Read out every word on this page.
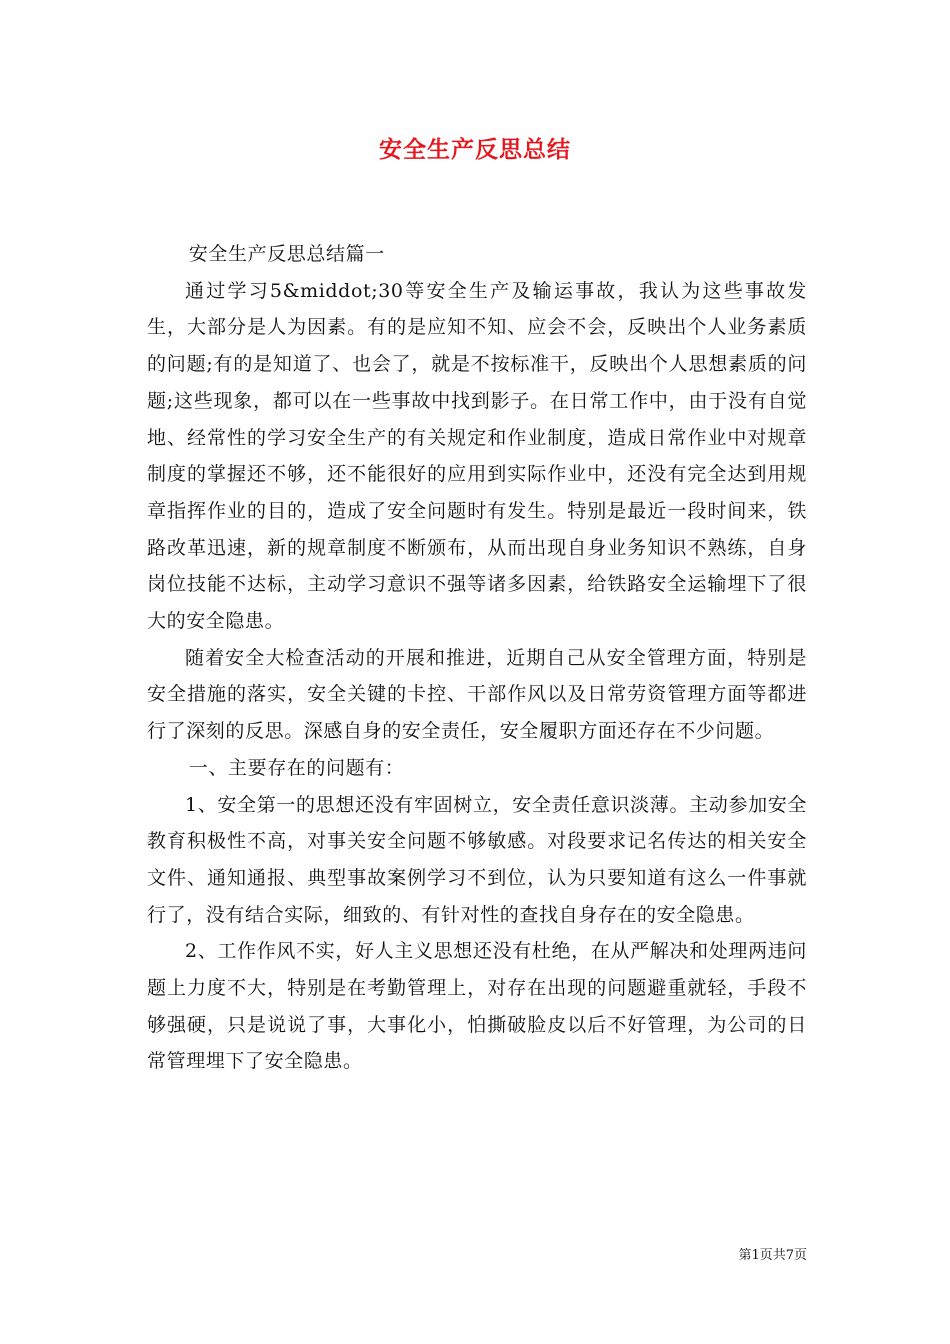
安全生产反思总结

安全生产反思总结篇一

通过学习5&middot;30等安全生产及输运事故，我认为这些事故发生，大部分是人为因素。有的是应知不知、应会不会，反映出个人业务素质的问题;有的是知道了、也会了，就是不按标准干，反映出个人思想素质的问题;这些现象，都可以在一些事故中找到影子。在日常工作中，由于没有自觉地、经常性的学习安全生产的有关规定和作业制度，造成日常作业中对规章制度的掌握还不够，还不能很好的应用到实际作业中，还没有完全达到用规章指挥作业的目的，造成了安全问题时有发生。特别是最近一段时间来，铁路改革迅速，新的规章制度不断颁布，从而出现自身业务知识不熟练，自身岗位技能不达标，主动学习意识不强等诸多因素，给铁路安全运输埋下了很大的安全隐患。

随着安全大检查活动的开展和推进，近期自己从安全管理方面，特别是安全措施的落实，安全关键的卡控、干部作风以及日常劳资管理方面等都进行了深刻的反思。深感自身的安全责任，安全履职方面还存在不少问题。

一、主要存在的问题有：

1、安全第一的思想还没有牢固树立，安全责任意识淡薄。主动参加安全教育积极性不高，对事关安全问题不够敏感。对段要求记名传达的相关安全文件、通知通报、典型事故案例学习不到位，认为只要知道有这么一件事就行了，没有结合实际，细致的、有针对性的查找自身存在的安全隐患。

2、工作作风不实，好人主义思想还没有杜绝，在从严解决和处理两违问题上力度不大，特别是在考勤管理上，对存在出现的问题避重就轻，手段不够强硬，只是说说了事，大事化小，怕撕破脸皮以后不好管理，为公司的日常管理埋下了安全隐患。

第1页共7页
